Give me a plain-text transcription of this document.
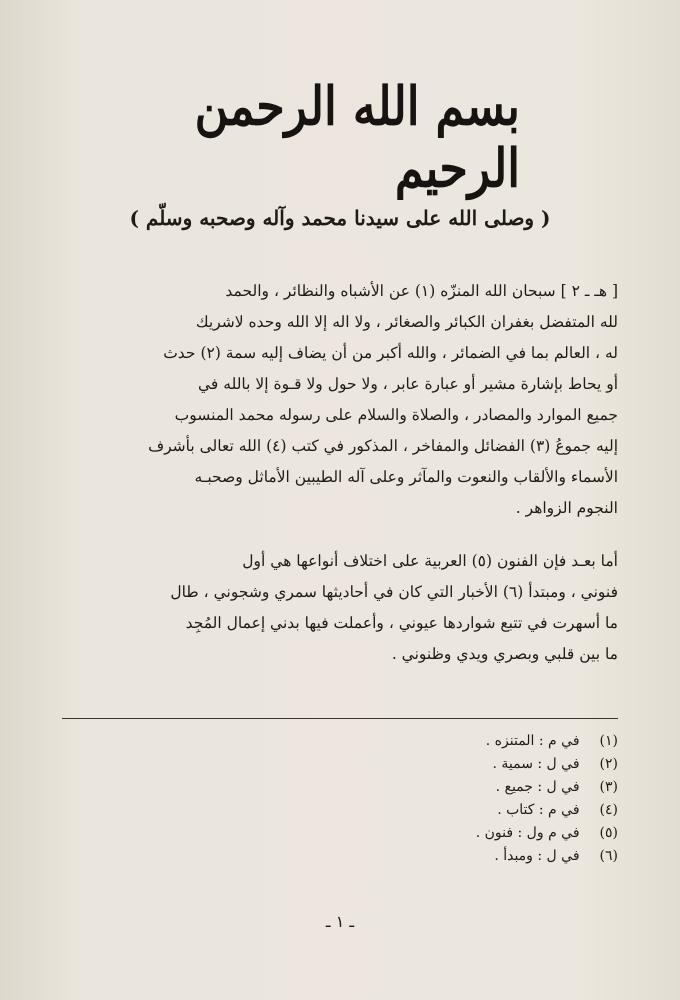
بسم الله الرحمن الرحيم
( وصلى الله على سيدنا محمد وآله وصحبه وسلّم )

[ هـ ـ ٢ ] سبحان الله المنزّه (١) عن الأشباه والنظائر ، والحمد
لله المتفضل بغفران الكبائر والصغائر ، ولا اله إلا الله وحده لاشريك
له ، العالم بما في الضمائر ، والله أكبر من أن يضاف إليه سمة (٢) حدث
أو يحاط بإشارة مشير أو عبارة عابر ، ولا حول ولا قـوة إلا بالله في
جميع الموارد والمصادر ، والصلاة والسلام على رسوله محمد المنسوب
إليه جموعُ (٣) الفضائل والمفاخر ، المذكور في كتب (٤) الله تعالى بأشرف
الأسماء والألقاب والنعوت والمآثر وعلى آله الطيبين الأماثل وصحبـه
النجوم الزواهر .

أما بعـد فإن الفنون (٥) العربية على اختلاف أنواعها هي أول
فنوني ، ومبتدأ (٦) الأخبار التي كان في أحاديثها سمري وشجوني ، طال
ما أسهرت في تتبع شواردها عيوني ، وأعملت فيها بدني إعمال المُجِد
ما بين قلبي وبصري ويدي وظنوني .

(١) في م : المتنزه .
(٢) في ل : سمية .
(٣) في ل : جميع .
(٤) في م : كتاب .
(٥) في م ول : فنون .
(٦) في ل : ومبدأ .
ـ ١ ـ
